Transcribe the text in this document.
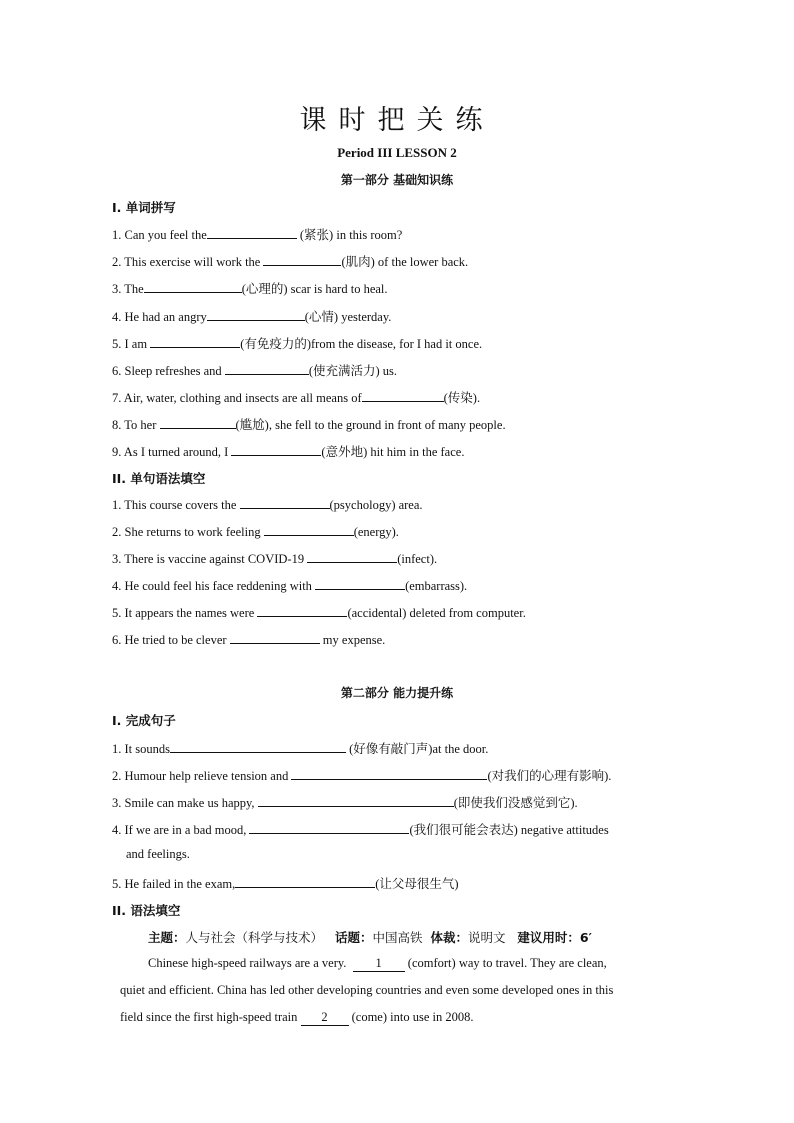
课时把关练
Period III LESSON 2
第一部分 基础知识练
I. 单词拼写
1. Can you feel the	(紧张) in this room?
2. This exercise will work the	(肌肉) of the lower back.
3. The	(心理的) scar is hard to heal.
4. He had an angry	(心情) yesterday.
5. I am	(有免疫力的)from the disease, for I had it once.
6. Sleep refreshes and	(使充满活力) us.
7. Air, water, clothing and insects are all means of	(传染).
8. To her	(尴尬), she fell to the ground in front of many people.
9. As I turned around, I	(意外地) hit him in the face.
II. 单句语法填空
1. This course covers the	(psychology) area.
2. She returns to work feeling	(energy).
3. There is vaccine against COVID-19	(infect).
4. He could feel his face reddening with	(embarrass).
5. It appears the names were	(accidental) deleted from computer.
6. He tried to be clever	my expense.
第二部分 能力提升练
I. 完成句子
1. It sounds	(好像有敲门声)at the door.
2. Humour help relieve tension and	(对我们的心理有影响).
3. Smile can make us happy,	(即使我们没感觉到它).
4. If we are in a bad mood,	(我们很可能会表达) negative attitudes
and feelings.
5. He failed in the exam,	(让父母很生气)
II. 语法填空
主题：人与社会（科学与技术） 话题：中国高铁 体裁：说明文 建议用时：6′
Chinese high-speed railways are a very.  1 (comfort) way to travel. They are clean,
quiet and efficient. China has led other developing countries and even some developed ones in this
field since the first high-speed train 2 (come) into use in 2008.
